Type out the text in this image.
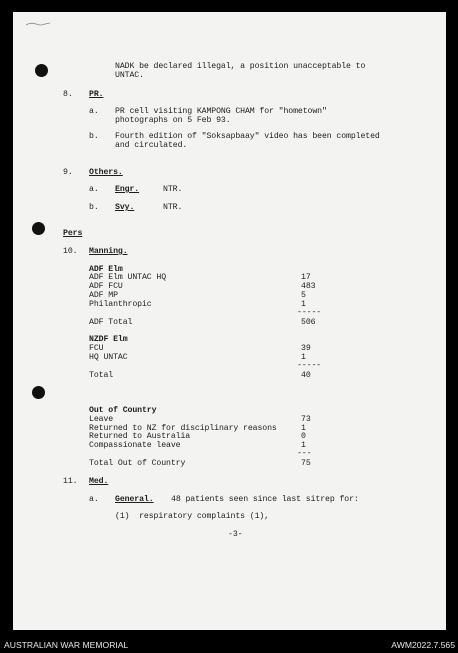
NADK be declared illegal, a position unacceptable to
UNTAC.
8. PR.
a. PR cell visiting KAMPONG CHAM for "hometown"
photographs on 5 Feb 93.
b. Fourth edition of "Soksapbaay" video has been completed
and circulated.
9. Others.
a. Engr.	NTR.
b. Svy.	NTR.
Pers
10. Manning.
ADF Elm
ADF Elm UNTAC HQ	17
ADF FCU	483
ADF MP	5
Philanthropic	1
-----
ADF Total	506
NZDF Elm
FCU	39
HQ UNTAC	1
-----
Total	40
Out of Country
Leave	73
Returned to NZ for disciplinary reasons	1
Returned to Australia	0
Compassionate leave	1
---
Total Out of Country	75
11. Med.
a. General. 48 patients seen since last sitrep for:
(1)  respiratory complaints (1),
-3-
AUSTRALIAN WAR MEMORIAL	AWM2022.7.565
